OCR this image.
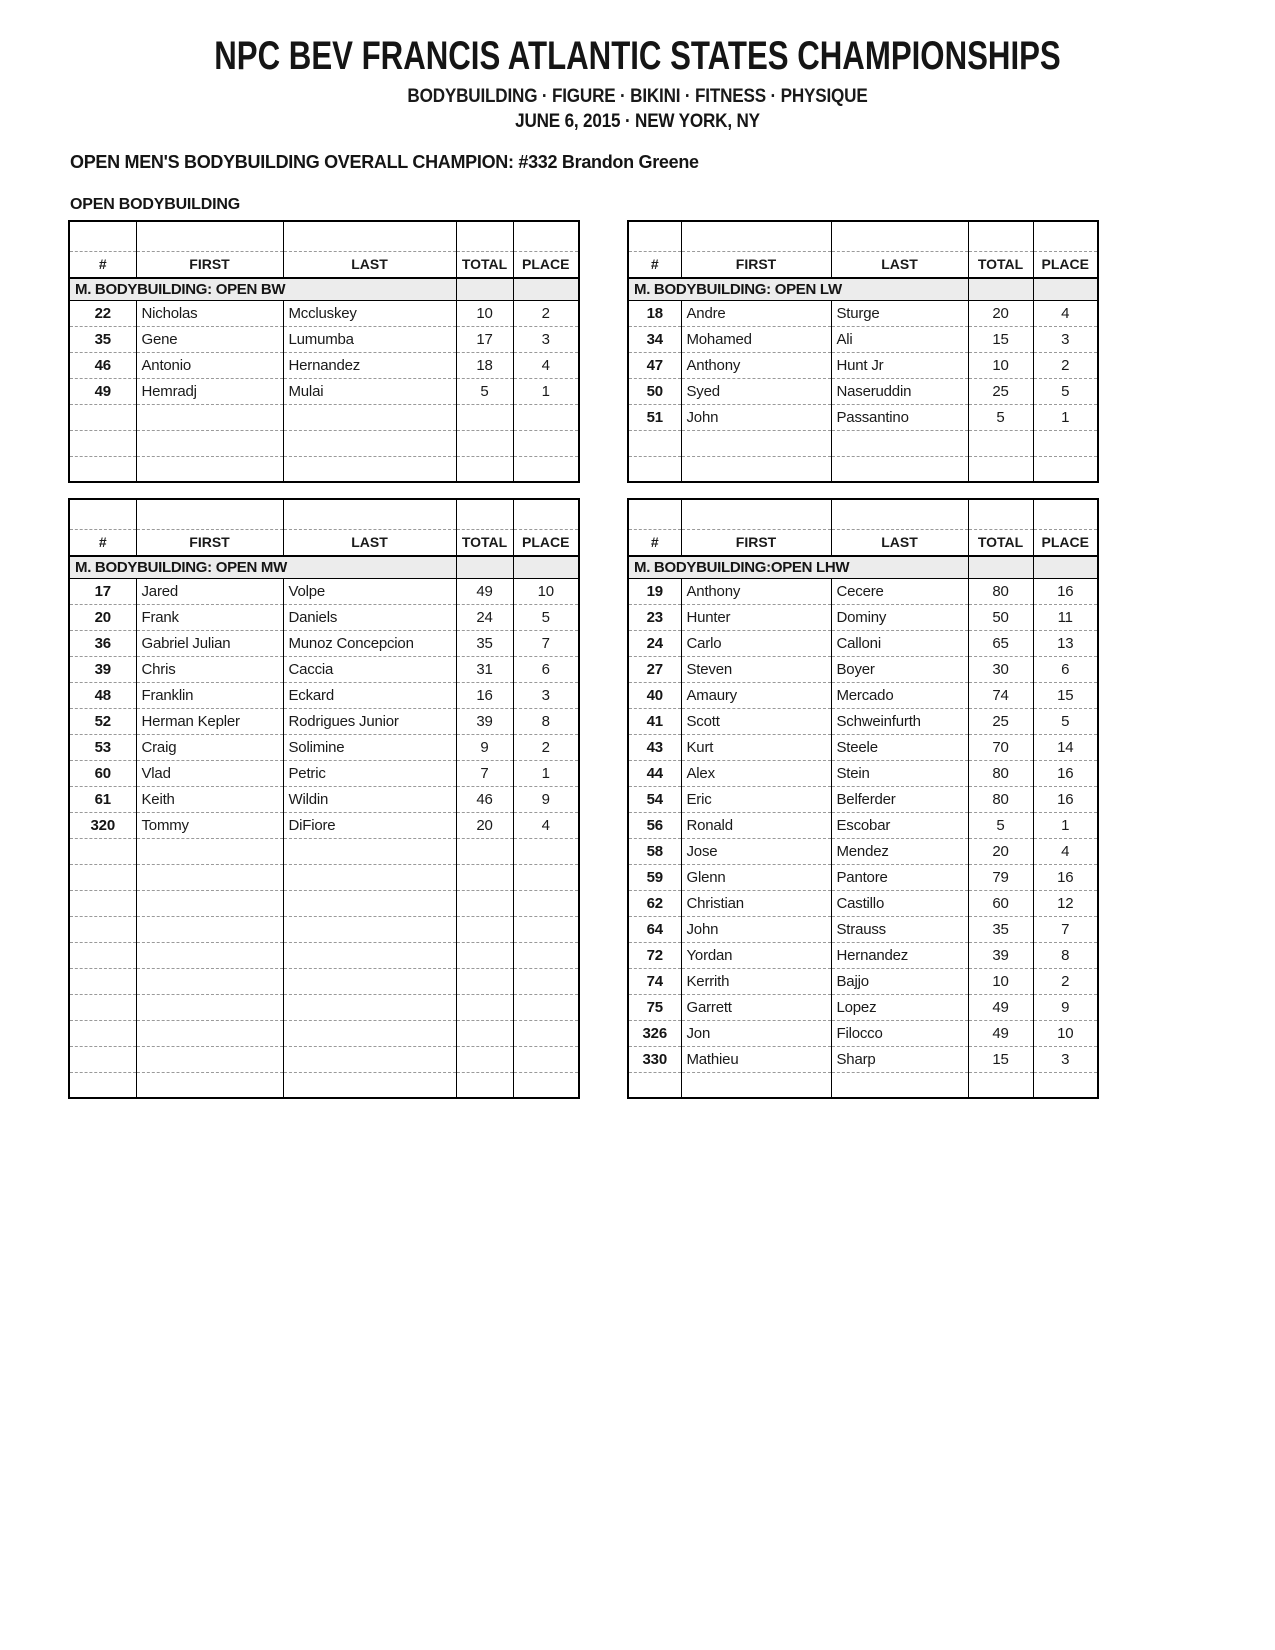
NPC BEV FRANCIS ATLANTIC STATES CHAMPIONSHIPS
BODYBUILDING · FIGURE · BIKINI · FITNESS · PHYSIQUE
JUNE 6, 2015 · NEW YORK, NY
OPEN MEN'S BODYBUILDING OVERALL CHAMPION: #332 Brandon Greene
OPEN BODYBUILDING

#	FIRST	LAST	TOTAL	PLACE
M. BODYBUILDING: OPEN BW				
22	Nicholas	Mccluskey	10	2
35	Gene	Lumumba	17	3
46	Antonio	Hernandez	18	4
49	Hemradj	Mulai	5	1

#	FIRST	LAST	TOTAL	PLACE
M. BODYBUILDING: OPEN MW				
17	Jared	Volpe	49	10
20	Frank	Daniels	24	5
36	Gabriel Julian	Munoz Concepcion	35	7
39	Chris	Caccia	31	6
48	Franklin	Eckard	16	3
52	Herman Kepler	Rodrigues Junior	39	8
53	Craig	Solimine	9	2
60	Vlad	Petric	7	1
61	Keith	Wildin	46	9
320	Tommy	DiFiore	20	4

#	FIRST	LAST	TOTAL	PLACE
M. BODYBUILDING: OPEN LW				
18	Andre	Sturge	20	4
34	Mohamed	Ali	15	3
47	Anthony	Hunt Jr	10	2
50	Syed	Naseruddin	25	5
51	John	Passantino	5	1

#	FIRST	LAST	TOTAL	PLACE
M. BODYBUILDING:OPEN LHW				
19	Anthony	Cecere	80	16
23	Hunter	Dominy	50	11
24	Carlo	Calloni	65	13
27	Steven	Boyer	30	6
40	Amaury	Mercado	74	15
41	Scott	Schweinfurth	25	5
43	Kurt	Steele	70	14
44	Alex	Stein	80	16
54	Eric	Belferder	80	16
56	Ronald	Escobar	5	1
58	Jose	Mendez	20	4
59	Glenn	Pantore	79	16
62	Christian	Castillo	60	12
64	John	Strauss	35	7
72	Yordan	Hernandez	39	8
74	Kerrith	Bajjo	10	2
75	Garrett	Lopez	49	9
326	Jon	Filocco	49	10
330	Mathieu	Sharp	15	3
